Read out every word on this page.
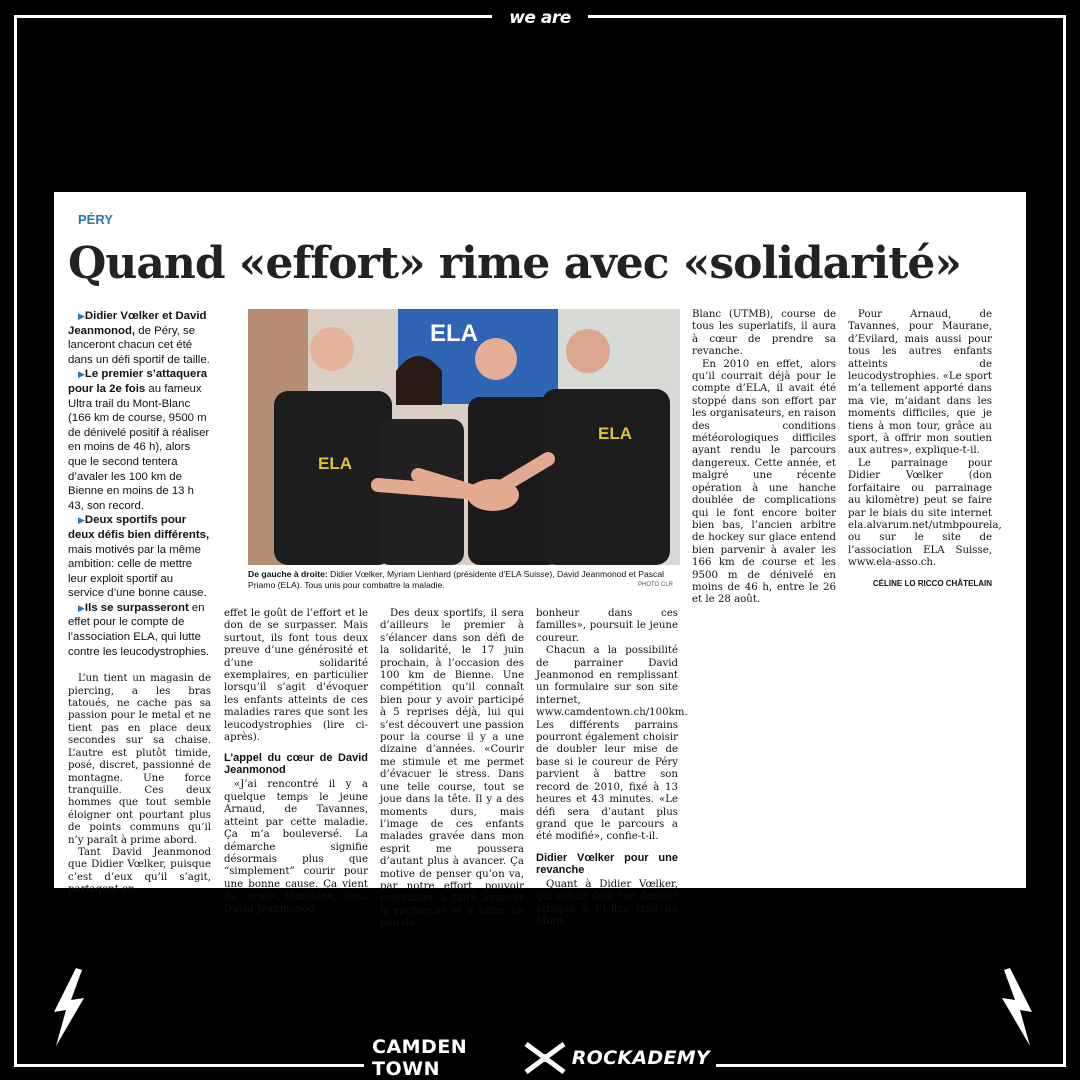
we are
CAMDEN TOWN	ROCKADEMY
PÉRY
Quand «effort» rime avec «solidarité»

▶Didier Vœlker et David Jeanmonod, de Péry, se lanceront chacun cet été dans un défi sportif de taille.

▶Le premier s’attaquera pour la 2e fois au fameux Ultra trail du Mont-Blanc (166 km de course, 9500 m de dénivelé positif à réaliser en moins de 46 h), alors que le second tentera d’avaler les 100 km de Bienne en moins de 13 h 43, son record.

▶Deux sportifs pour deux défis bien différents, mais motivés par la même ambition: celle de mettre leur exploit sportif au service d’une bonne cause.

▶Ils se surpasseront en effet pour le compte de l’association ELA, qui lutte contre les leucodystrophies.

L’un tient un magasin de piercing, a les bras tatoués, ne cache pas sa passion pour le metal et ne tient pas en place deux secondes sur sa chaise. L’autre est plutôt timide, posé, discret, passionné de montagne. Une force tranquille. Ces deux hommes que tout semble éloigner ont pourtant plus de points communs qu’il n’y paraît à prime abord.

Tant David Jeanmonod que Didier Vœlker, puisque c’est d’eux qu’il s’agit, partagent en

ELA
ELA
ELA
De gauche à droite: Didier Vœlker, Myriam Lienhard (présidente d’ELA Suisse), David Jeanmonod et Pascal Priamo (ELA). Tous unis pour combattre la maladie.	PHOTO CLR

effet le goût de l’effort et le don de se surpasser. Mais surtout, ils font tous deux preuve d’une générosité et d’une solidarité exemplaires, en particulier lorsqu’il s’agit d’évoquer les enfants atteints de ces maladies rares que sont les leucodystrophies (lire ci-après).

L’appel du cœur de David Jeanmonod

«J’ai rencontré il y a quelque temps le jeune Arnaud, de Tavannes, atteint par cette maladie. Ça m’a bouleversé. La démarche signifie désormais plus que “simplement” courir pour une bonne cause. Ça vient du cœur», témoigne, ému, David Jeanmonod.

Des deux sportifs, il sera d’ailleurs le premier à s’élancer dans son défi de la solidarité, le 17 juin prochain, à l’occasion des 100 km de Bienne. Une compétition qu’il connaît bien pour y avoir participé à 5 reprises déjà, lui qui s’est découvert une passion pour la course il y a une dizaine d’années. «Courir me stimule et me permet d’évacuer le stress. Dans une telle course, tout se joue dans la tête. Il y a des moments durs, mais l’image de ces enfants malades gravée dans mon esprit me poussera d’autant plus à avancer. Ça motive de penser qu’on va, par notre effort, pouvoir contribuer à faire avancer la recherche et à offrir un peu de

bonheur dans ces familles», poursuit le jeune coureur.

Chacun a la possibilité de parrainer David Jeanmonod en remplissant un formulaire sur son site internet, www.camdentown.ch/100km. Les différents parrains pourront également choisir de doubler leur mise de base si le coureur de Péry parvient à battre son record de 2010, fixé à 13 heures et 43 minutes. «Le défi sera d’autant plus grand que le parcours a été modifié», confie-t-il.

Didier Vœlker pour une revanche

Quant à Didier Vœlker, qui s’était déjà l’an dernier attaqué à l’Ultra trail du Mont-

Blanc (UTMB), course de tous les superlatifs, il aura à cœur de prendre sa revanche.

En 2010 en effet, alors qu’il courrait déjà pour le compte d’ELA, il avait été stoppé dans son effort par les organisateurs, en raison des conditions météorologiques difficiles ayant rendu le parcours dangereux. Cette année, et malgré une récente opération à une hanche doublée de complications qui le font encore boiter bien bas, l’ancien arbitre de hockey sur glace entend bien parvenir à avaler les 166 km de course et les 9500 m de dénivelé en moins de 46 h, entre le 26 et le 28 août.

Pour Arnaud, de Tavannes, pour Maurane, d’Evilard, mais aussi pour tous les autres enfants atteints de leucodystrophies. «Le sport m’a tellement apporté dans ma vie, m’aidant dans les moments difficiles, que je tiens à mon tour, grâce au sport, à offrir mon soutien aux autres», explique-t-il.

Le parrainage pour Didier Vœlker (don forfaitaire ou parrainage au kilomètre) peut se faire par le biais du site internet ela.alvarum.net/utmbpourela, ou sur le site de l’association ELA Suisse, www.ela-asso.ch.

CÉLINE LO RICCO CHÂTELAIN
